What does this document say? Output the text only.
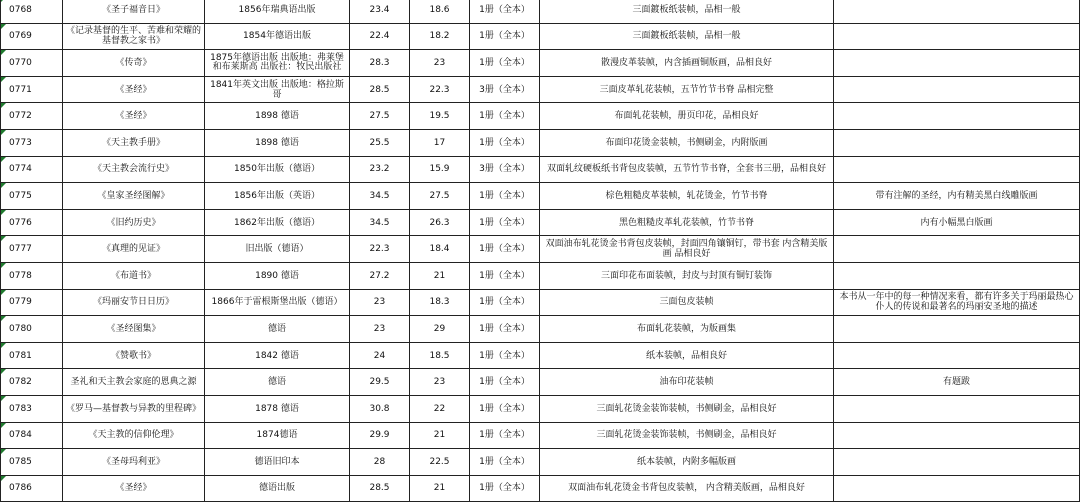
0768	《圣子福音日》	1856年瑞典语出版	23.4	18.6	1册（全本）	三面鍍板纸装帧，品相一般	
0769	《记录基督的生平、苦难和荣耀的基督教之家书》	1854年德语出版	22.4	18.2	1册（全本）	三面鍍板纸装帧，品相一般	
0770	《传奇》	1875年德语出版 出版地：弗莱堡和布莱斯高 出版社：牧民出版社	28.3	23	1册（全本）	散漫皮革装帧，内含插画铜版画，品相良好	
0771	《圣经》	1841年英文出版 出版地：格拉斯哥	28.5	22.3	3册（全本）	三面皮革轧花装帧，五节竹节书脊 品相完整	
0772	《圣经》	1898 德语	27.5	19.5	1册（全本）	布面轧花装帧，册页印花，品相良好	
0773	《天主教手册》	1898 德语	25.5	17	1册（全本）	布面印花烫金装帧，书侧刷金，内附版画	
0774	《天主教会流行史》	1850年出版（德语）	23.2	15.9	3册（全本）	双面轧纹硬板纸书背包皮装帧，五节竹节书脊，全套书三册，品相良好	
0775	《皇家圣经图解》	1856年出版（英语）	34.5	27.5	1册（全本）	棕色粗糙皮革装帧，轧花烫金，竹节书脊	带有注解的圣经，内有精美黑白线雕版画
0776	《旧约历史》	1862年出版（德语）	34.5	26.3	1册（全本）	黑色粗糙皮革轧花装帧，竹节书脊	内有小幅黑白版画
0777	《真理的见证》	旧出版（德语）	22.3	18.4	1册（全本）	双面油布轧花烫金书背包皮装帧，封面四角镶铜钉，带书套 内含精美版画 品相良好	
0778	《布道书》	1890 德语	27.2	21	1册（全本）	三面印花布面装帧，封皮与封顶有铜钉装饰	
0779	《玛丽安节日日历》	1866年于雷根斯堡出版（德语）	23	18.3	1册（全本）	三面包皮装帧	本书从一年中的每一种情况来看，都有许多关于玛丽最热心仆人的传说和最著名的玛丽安圣地的描述
0780	《圣经图集》	德语	23	29	1册（全本）	布面轧花装帧，为版画集	
0781	《赞歌书》	1842 德语	24	18.5	1册（全本）	纸本装帧，品相良好	
0782	圣礼和天主教会家庭的恩典之源	德语	29.5	23	1册（全本）	油布印花装帧	有题跋
0783	《罗马—基督教与异教的里程碑》	1878 德语	30.8	22	1册（全本）	三面轧花烫金装饰装帧，书侧刷金，品相良好	
0784	《天主教的信仰伦理》	1874德语	29.9	21	1册（全本）	三面轧花烫金装饰装帧，书侧刷金，品相良好	
0785	《圣母玛利亚》	德语旧印本	28	22.5	1册（全本）	纸本装帧，内附多幅版画	
0786	《圣经》	德语出版	28.5	21	1册（全本）	双面油布轧花烫金书背包皮装帧， 内含精美版画，品相良好	
